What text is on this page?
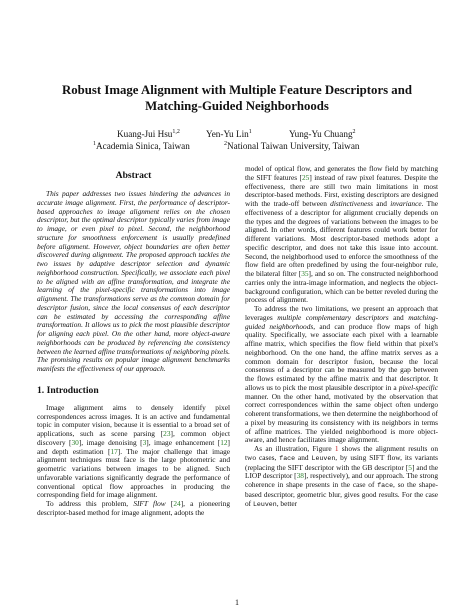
Robust Image Alignment with Multiple Feature Descriptors and
Matching-Guided Neighborhoods
Kuang-Jui Hsu$^{1,2}$	Yen-Yu Lin$^1$	Yung-Yu Chuang$^2$
$^1$Academia Sinica, Taiwan	$^2$National Taiwan University, Taiwan
Abstract

This paper addresses two issues hindering the advances in accurate image alignment. First, the performance of descriptor-based approaches to image alignment relies on the chosen descriptor, but the optimal descriptor typically varies from image to image, or even pixel to pixel. Second, the neighborhood structure for smoothness enforcement is usually predefined before alignment. However, object boundaries are often better discovered during alignment. The proposed approach tackles the two issues by adaptive descriptor selection and dynamic neighborhood construction. Specifically, we associate each pixel to be aligned with an affine transformation, and integrate the learning of the pixel-specific transformations into image alignment. The transformations serve as the common domain for descriptor fusion, since the local consensus of each descriptor can be estimated by accessing the corresponding affine transformation. It allows us to pick the most plausible descriptor for aligning each pixel. On the other hand, more object-aware neighborhoods can be produced by referencing the consistency between the learned affine transformations of neighboring pixels. The promising results on popular image alignment benchmarks manifests the effectiveness of our approach.

1. Introduction

Image alignment aims to densely identify pixel correspondences across images. It is an active and fundamental topic in computer vision, because it is essential to a broad set of applications, such as scene parsing [23], common object discovery [30], image denoising [3], image enhancement [12] and depth estimation [17]. The major challenge that image alignment techniques must face is the large photometric and geometric variations between images to be aligned. Such unfavorable variations significantly degrade the performance of conventional optical flow approaches in producing the corresponding field for image alignment.

To address this problem, SIFT flow [24], a pioneering descriptor-based method for image alignment, adopts the

model of optical flow, and generates the flow field by matching the SIFT features [25] instead of raw pixel features. Despite the effectiveness, there are still two main limitations in most descriptor-based methods. First, existing descriptors are designed with the trade-off between distinctiveness and invariance. The effectiveness of a descriptor for alignment crucially depends on the types and the degrees of variations between the images to be aligned. In other words, different features could work better for different variations. Most descriptor-based methods adopt a specific descriptor, and does not take this issue into account. Second, the neighborhood used to enforce the smoothness of the flow field are often predefined by using the four-neighbor rule, the bilateral filter [35], and so on. The constructed neighborhood carries only the intra-image information, and neglects the object-background configuration, which can be better reveled during the process of alignment.

To address the two limitations, we present an approach that leverages multiple complementary descriptors and matching-guided neighborhoods, and can produce flow maps of high quality. Specifically, we associate each pixel with a learnable affine matrix, which specifies the flow field within that pixel's neighborhood. On the one hand, the affine matrix serves as a common domain for descriptor fusion, because the local consensus of a descriptor can be measured by the gap between the flows estimated by the affine matrix and that descriptor. It allows us to pick the most plausible descriptor in a pixel-specific manner. On the other hand, motivated by the observation that correct correspondences within the same object often undergo coherent transformations, we then determine the neighborhood of a pixel by measuring its consistency with its neighbors in terms of affine matrices. The yielded neighborhood is more object-aware, and hence facilitates image alignment.

As an illustration, Figure 1 shows the alignment results on two cases, face and Leuven, by using SIFT flow, its variants (replacing the SIFT descriptor with the GB descriptor [5] and the LIOP descriptor [38], respectively), and our approach. The strong coherence in shape presents in the case of face, so the shape-based descriptor, geometric blur, gives good results. For the case of Leuven, better

1
